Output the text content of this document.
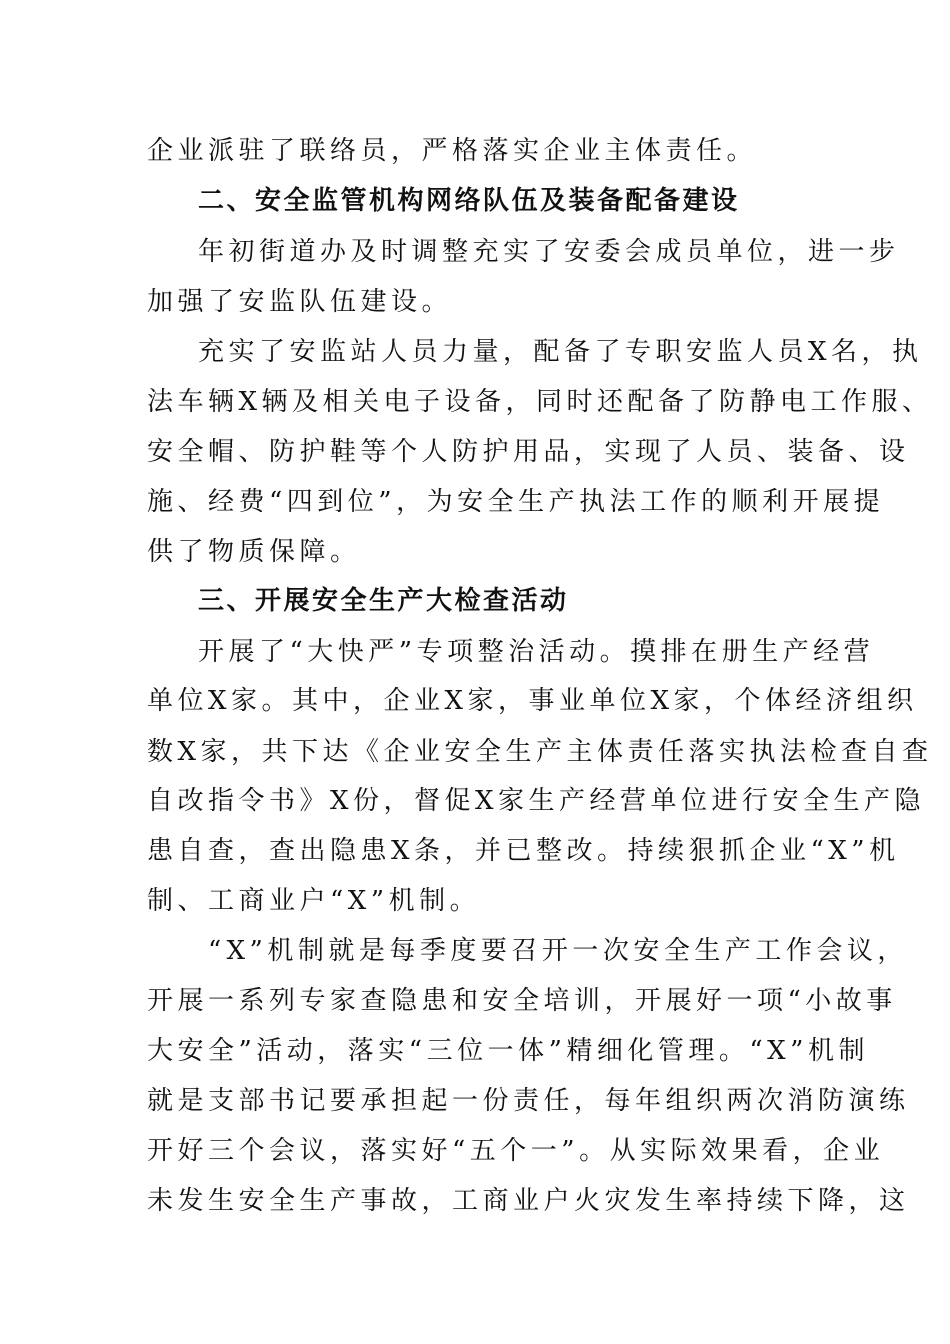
企业派驻了联络员，严格落实企业主体责任。
二、安全监管机构网络队伍及装备配备建设
年初街道办及时调整充实了安委会成员单位，进一步
加强了安监队伍建设。
充实了安监站人员力量，配备了专职安监人员X名，执
法车辆X辆及相关电子设备，同时还配备了防静电工作服、
安全帽、防护鞋等个人防护用品，实现了人员、装备、设
施、经费“四到位”，为安全生产执法工作的顺利开展提
供了物质保障。
三、开展安全生产大检查活动
开展了“大快严”专项整治活动。摸排在册生产经营
单位X家。其中，企业X家，事业单位X家，个体经济组织
数X家，共下达《企业安全生产主体责任落实执法检查自查
自改指令书》X份，督促X家生产经营单位进行安全生产隐
患自查，查出隐患X条，并已整改。持续狠抓企业“X”机
制、工商业户“X”机制。
“X”机制就是每季度要召开一次安全生产工作会议，
开展一系列专家查隐患和安全培训，开展好一项“小故事
大安全”活动，落实“三位一体”精细化管理。“X”机制
就是支部书记要承担起一份责任，每年组织两次消防演练
开好三个会议，落实好“五个一”。从实际效果看，企业
未发生安全生产事故，工商业户火灾发生率持续下降，这
